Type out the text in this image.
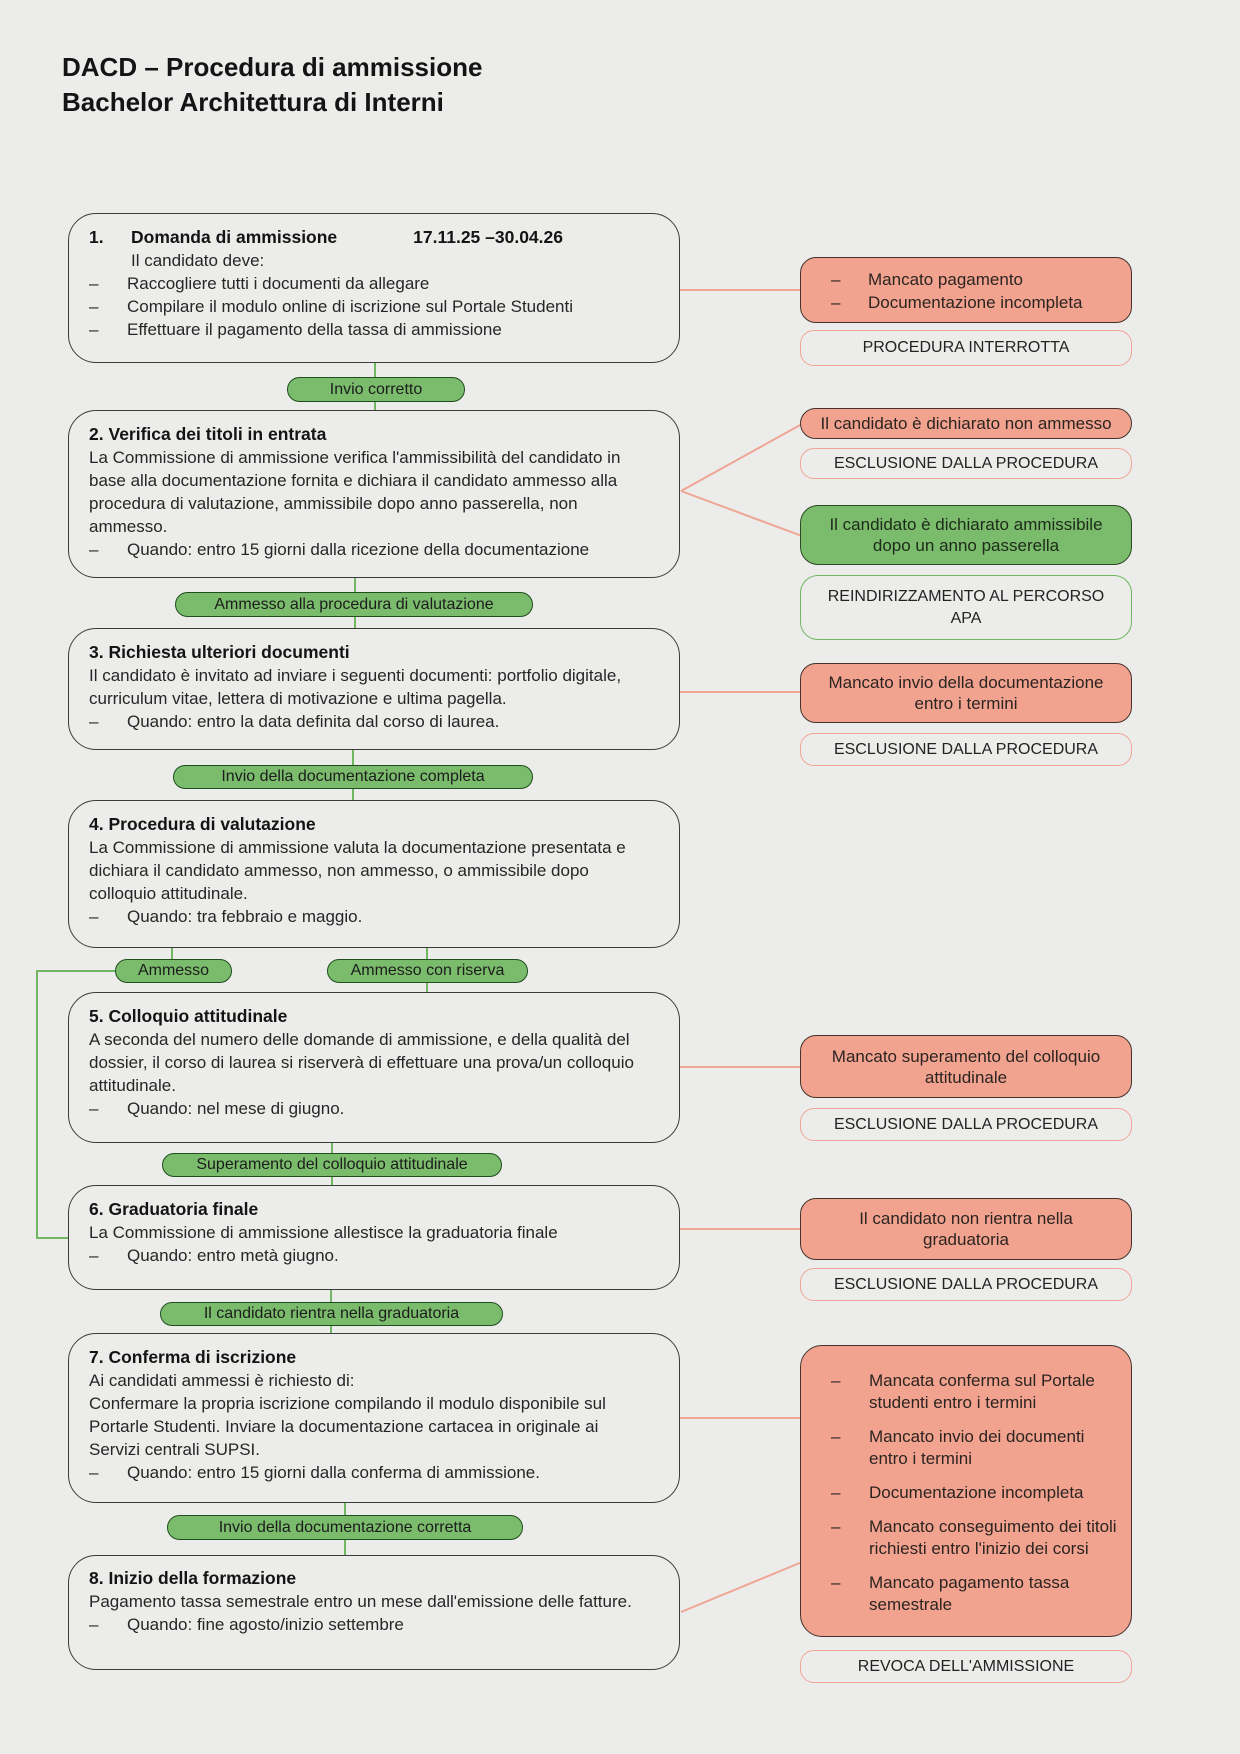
DACD – Procedura di ammissione
Bachelor Architettura di Interni
1.	Domanda di ammissione	17.11.25 –30.04.26
Il candidato deve:
–	Raccogliere tutti i documenti da allegare
–	Compilare il modulo online di iscrizione sul Portale Studenti
–	Effettuare il pagamento della tassa di ammissione
2. Verifica dei titoli in entrata
La Commissione di ammissione verifica l'ammissibilità del candidato in base alla documentazione fornita e dichiara il candidato ammesso alla procedura di valutazione, ammissibile dopo anno passerella, non ammesso.
–	Quando: entro 15 giorni dalla ricezione della documentazione
3. Richiesta ulteriori documenti
Il candidato è invitato ad inviare i seguenti documenti: portfolio digitale, curriculum vitae, lettera di motivazione e ultima pagella.
–	Quando: entro la data definita dal corso di laurea.
4. Procedura di valutazione
La Commissione di ammissione valuta la documentazione presentata e dichiara il candidato ammesso, non ammesso, o ammissibile dopo colloquio attitudinale.
–	Quando: tra febbraio e maggio.
5. Colloquio attitudinale
A seconda del numero delle domande di ammissione, e della qualità del dossier, il corso di laurea si riserverà di effettuare una prova/un colloquio attitudinale.
–	Quando: nel mese di giugno.
6. Graduatoria finale
La Commissione di ammissione allestisce la graduatoria finale
–	Quando: entro metà giugno.
7. Conferma di iscrizione
Ai candidati ammessi è richiesto di:
Confermare la propria iscrizione compilando il modulo disponibile sul Portarle Studenti. Inviare la documentazione cartacea in originale ai Servizi centrali SUPSI.
–	Quando: entro 15 giorni dalla conferma di ammissione.
8. Inizio della formazione
Pagamento tassa semestrale entro un mese dall'emissione delle fatture.
–	Quando: fine agosto/inizio settembre
Invio corretto
Ammesso alla procedura di valutazione
Invio della documentazione completa
Ammesso	Ammesso con riserva
Superamento del colloquio attitudinale
Il candidato rientra nella graduatoria
Invio della documentazione corretta
–	Mancato pagamento
–	Documentazione incompleta
PROCEDURA INTERROTTA
Il candidato è dichiarato non ammesso
ESCLUSIONE DALLA PROCEDURA
Il candidato è dichiarato ammissibile dopo un anno passerella
REINDIRIZZAMENTO AL PERCORSO APA
Mancato invio della documentazione entro i termini
ESCLUSIONE DALLA PROCEDURA
Mancato superamento del colloquio attitudinale
ESCLUSIONE DALLA PROCEDURA
Il candidato non rientra nella graduatoria
ESCLUSIONE DALLA PROCEDURA
–	Mancata conferma sul Portale studenti entro i termini
–	Mancato invio dei documenti entro i termini
–	Documentazione incompleta
–	Mancato conseguimento dei titoli richiesti entro l'inizio dei corsi
–	Mancato pagamento tassa semestrale
REVOCA DELL'AMMISSIONE
